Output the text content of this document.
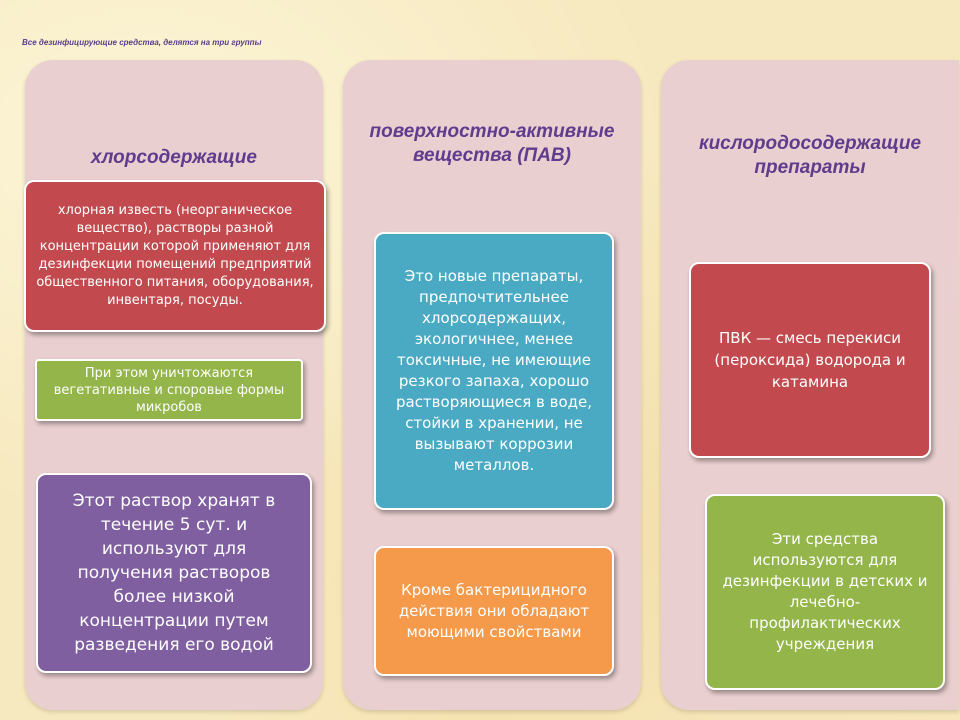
Все дезинфицирующие средства, делятся на три группы
хлорсодержащие
хлорная известь (неорганическое вещество), растворы разной концентрации которой применяют для дезинфекции помещений предприятий общественного питания, оборудования, инвентаря, посуды.
При этом уничтожаются вегетативные и споровые формы микробов
Этот раствор хранят в течение 5 сут. и используют для получения растворов более низкой концентрации путем разведения его водой
поверхностно-активные вещества (ПАВ)
Это новые препараты, предпочтительнее хлорсодержащих, экологичнее, менее токсичные, не имеющие резкого запаха, хорошо растворяющиеся в воде, стойки в хранении, не вызывают коррозии металлов.
Кроме бактерицидного действия они обладают моющими свойствами
кислородосодержащие препараты
ПВК — смесь перекиси (пероксида) водорода и катамина
Эти средства используются для дезинфекции в детских и лечебно-профилактических учреждения
